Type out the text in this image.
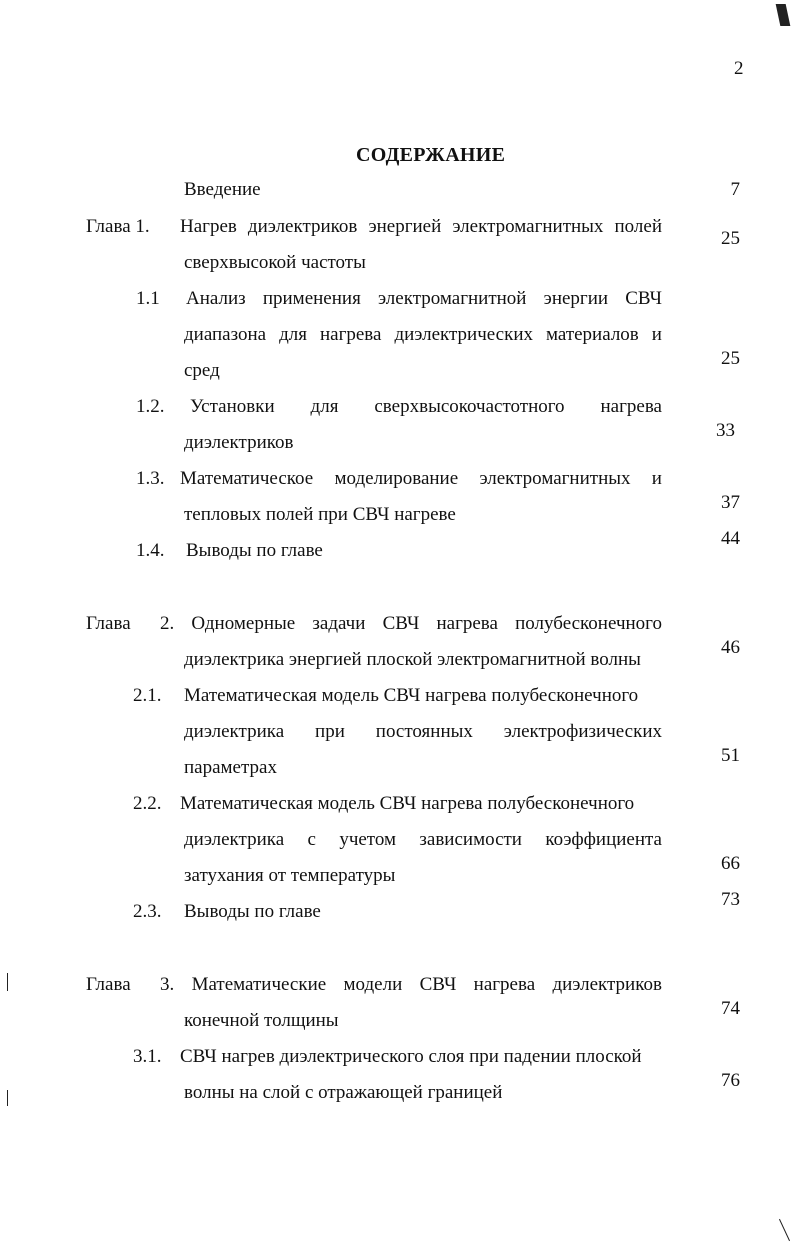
2
СОДЕРЖАНИЕ
Введение	7
Глава 1. Нагрев диэлектриков энергией электромагнитных полей
сверхвысокой частоты
25
1.1 Анализ применения электромагнитной энергии СВЧ
диапазона для нагрева диэлектрических материалов и
сред
25
1.2. Установки для сверхвысокочастотного нагрева
диэлектриков
33
1.3. Математическое моделирование электромагнитных и
тепловых полей при СВЧ нагреве
37
1.4. Выводы по главе
44
Глава 2. Одномерные задачи СВЧ нагрева полубесконечного
диэлектрика энергией плоской электромагнитной волны
46
2.1. Математическая модель СВЧ нагрева полубесконечного
диэлектрика при постоянных электрофизических
параметрах
51
2.2. Математическая модель СВЧ нагрева полубесконечного
диэлектрика с учетом зависимости коэффициента
затухания от температуры
66
2.3. Выводы по главе
73
Глава 3. Математические модели СВЧ нагрева диэлектриков
конечной толщины
74
3.1. СВЧ нагрев диэлектрического слоя при падении плоской
волны на слой с отражающей границей
76
